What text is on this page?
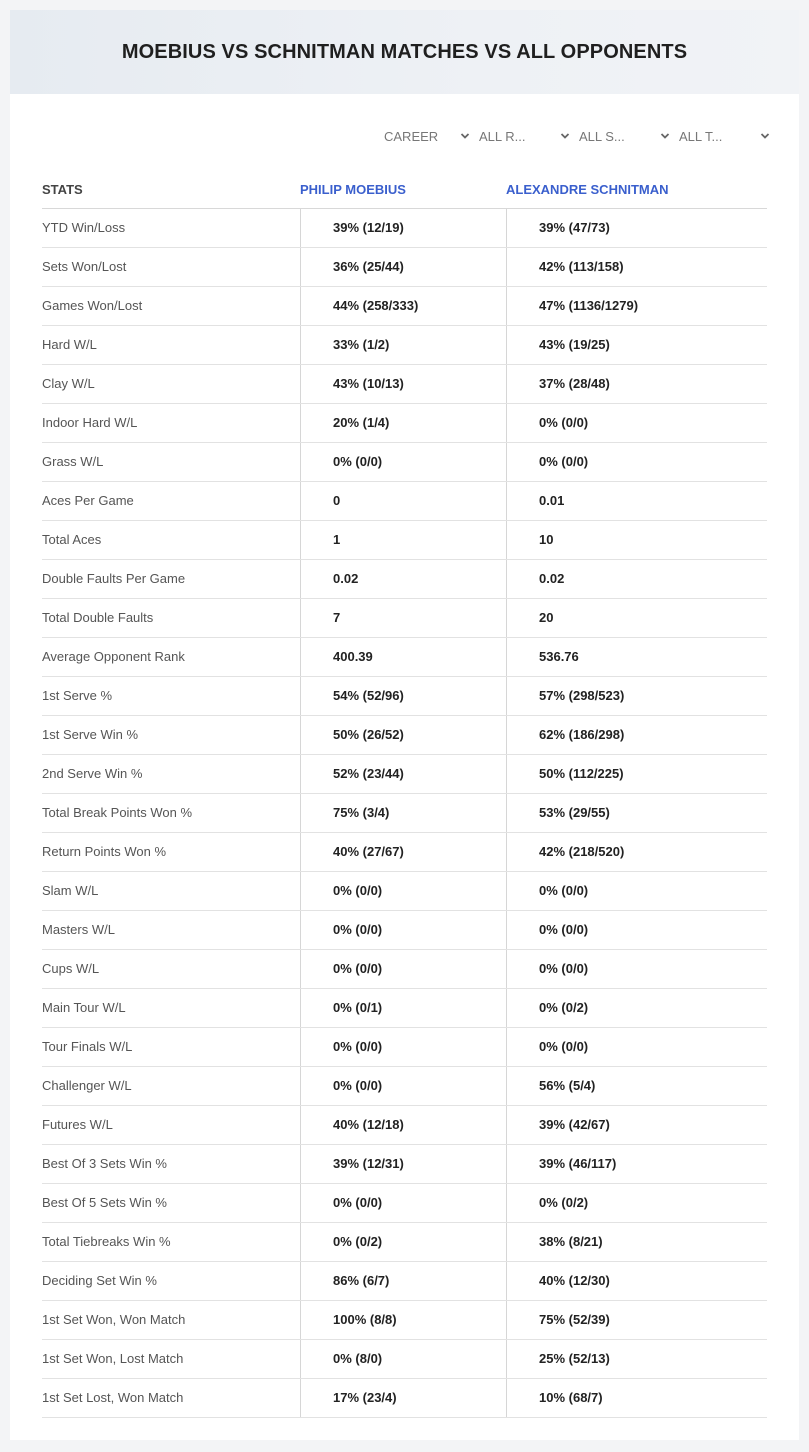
MOEBIUS VS SCHNITMAN MATCHES VS ALL OPPONENTS
CAREER	ALL R...	ALL S...	ALL T...
STATS	PHILIP MOEBIUS	ALEXANDRE SCHNITMAN
YTD Win/Loss	39% (12/19)	39% (47/73)
Sets Won/Lost	36% (25/44)	42% (113/158)
Games Won/Lost	44% (258/333)	47% (1136/1279)
Hard W/L	33% (1/2)	43% (19/25)
Clay W/L	43% (10/13)	37% (28/48)
Indoor Hard W/L	20% (1/4)	0% (0/0)
Grass W/L	0% (0/0)	0% (0/0)
Aces Per Game	0	0.01
Total Aces	1	10
Double Faults Per Game	0.02	0.02
Total Double Faults	7	20
Average Opponent Rank	400.39	536.76
1st Serve %	54% (52/96)	57% (298/523)
1st Serve Win %	50% (26/52)	62% (186/298)
2nd Serve Win %	52% (23/44)	50% (112/225)
Total Break Points Won %	75% (3/4)	53% (29/55)
Return Points Won %	40% (27/67)	42% (218/520)
Slam W/L	0% (0/0)	0% (0/0)
Masters W/L	0% (0/0)	0% (0/0)
Cups W/L	0% (0/0)	0% (0/0)
Main Tour W/L	0% (0/1)	0% (0/2)
Tour Finals W/L	0% (0/0)	0% (0/0)
Challenger W/L	0% (0/0)	56% (5/4)
Futures W/L	40% (12/18)	39% (42/67)
Best Of 3 Sets Win %	39% (12/31)	39% (46/117)
Best Of 5 Sets Win %	0% (0/0)	0% (0/2)
Total Tiebreaks Win %	0% (0/2)	38% (8/21)
Deciding Set Win %	86% (6/7)	40% (12/30)
1st Set Won, Won Match	100% (8/8)	75% (52/39)
1st Set Won, Lost Match	0% (8/0)	25% (52/13)
1st Set Lost, Won Match	17% (23/4)	10% (68/7)
